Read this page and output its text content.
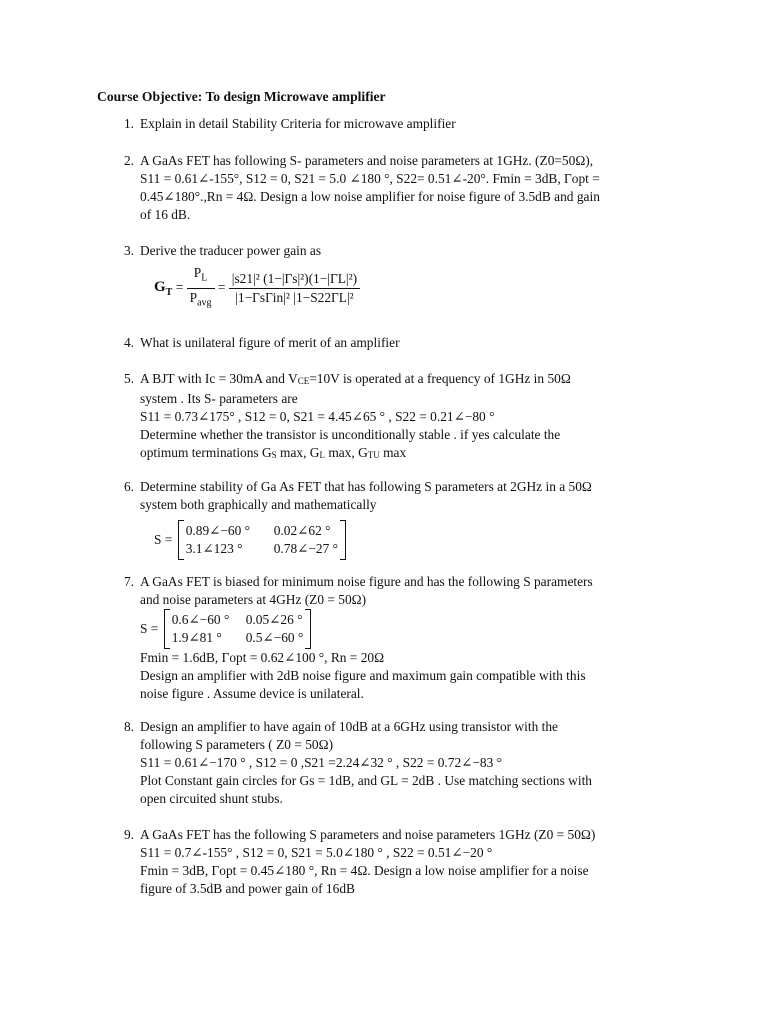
Course Objective: To design Microwave amplifier
1. Explain in detail Stability Criteria for microwave amplifier
2. A GaAs FET has following S- parameters and noise parameters at 1GHz. (Z0=50Ω),
S11 = 0.61∠-155°, S12 = 0, S21 = 5.0 ∠180 °, S22= 0.51∠-20°. Fmin = 3dB, Γopt =
0.45∠180°.,Rn = 4Ω. Design a low noise amplifier for noise figure of 3.5dB and gain
of 16 dB.
3. Derive the traducer power gain as
$G_T = \frac{P_L}{P_{avg}} = \frac{\text{|s21|² (1−|Γs|²)(1−|ΓL|²)}}{\text{|1−ΓsΓin|² |1−S22ΓL|²}}$
4. What is unilateral figure of merit of an amplifier
5. A BJT with Ic = 30mA and VCE=10V is operated at a frequency of 1GHz in 50Ω
system . Its S- parameters are
S11 = 0.73∠175° , S12 = 0, S21 = 4.45∠65 ° , S22 = 0.21∠−80 °
Determine whether the transistor is unconditionally stable . if yes calculate the
optimum terminations GS max, GL max, GTU max
6. Determine stability of Ga As FET that has following S parameters at 2GHz in a 50Ω
system both graphically and mathematically
S =
0.89∠−60 ° 0.02∠62 °
3.1∠123 ° 0.78∠−27 °
7. A GaAs FET is biased for minimum noise figure and has the following S parameters
and noise parameters at 4GHz (Z0 = 50Ω)
S =
0.6∠−60 ° 0.05∠26 °
1.9∠81 ° 0.5∠−60 °
Fmin = 1.6dB, Γopt = 0.62∠100 °, Rn = 20Ω
Design an amplifier with 2dB noise figure and maximum gain compatible with this
noise figure . Assume device is unilateral.
8. Design an amplifier to have again of 10dB at a 6GHz using transistor with the
following S parameters ( Z0 = 50Ω)
S11 = 0.61∠−170 ° , S12 = 0 ,S21 =2.24∠32 ° , S22 = 0.72∠−83 °
Plot Constant gain circles for Gs = 1dB, and GL = 2dB . Use matching sections with
open circuited shunt stubs.
9. A GaAs FET has the following S parameters and noise parameters 1GHz (Z0 = 50Ω)
S11 = 0.7∠-155° , S12 = 0, S21 = 5.0∠180 ° , S22 = 0.51∠−20 °
Fmin = 3dB, Γopt = 0.45∠180 °, Rn = 4Ω. Design a low noise amplifier for a noise
figure of 3.5dB and power gain of 16dB
